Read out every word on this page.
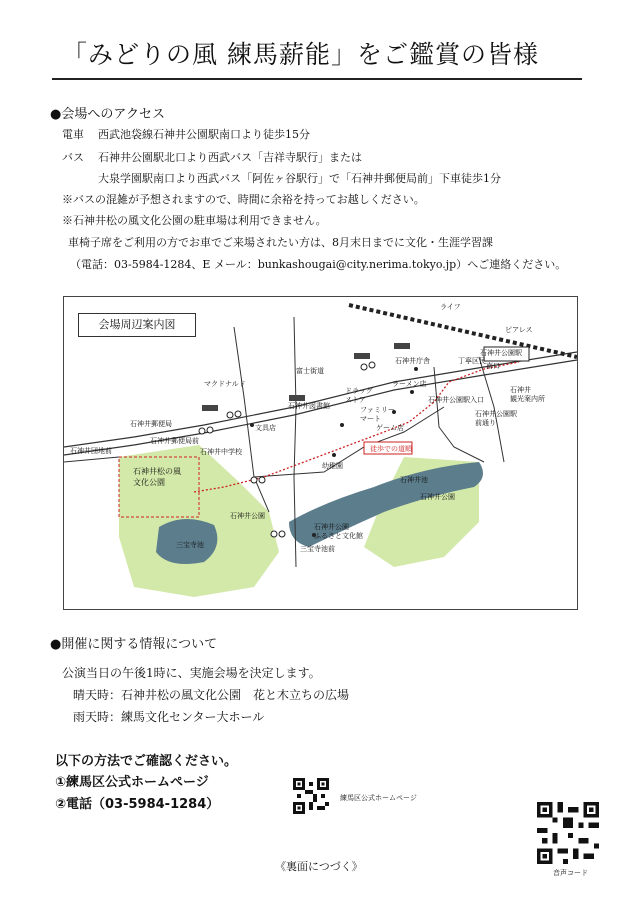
「みどりの風 練馬薪能」をご鑑賞の皆様
●会場へのアクセス
電車 西武池袋線石神井公園駅南口より徒歩15分
バス 石神井公園駅北口より西武バス「吉祥寺駅行」または
大泉学園駅南口より西武バス「阿佐ヶ谷駅行」で「石神井郵便局前」下車徒歩1分
※バスの混雑が予想されますので、時間に余裕を持ってお越しください。
※石神井松の風文化公園の駐車場は利用できません。
車椅子席をご利用の方でお車でご来場されたい方は、8月末日までに文化・生涯学習課
（電話：03-5984-1284、E メール：bunkashougai@city.nerima.tokyo.jp）へご連絡ください。
会場周辺案内図
ライフ
ピアレス
石神井公園駅
南口
石神井
観光案内所
富士街道
マクドナルド
石神井郵便局
石神井郵便局前
石神井中学校
石神井図書館
ドラッグ
ストア
ラーメン店
石神井庁舎
石神井公園駅入口
文具店
ファミリー
マート
ゲーム店
徒歩での道順
幼稚園
石神井団地前
石神井松の風
文化公園
石神井公園
石神井公園
石神井池
三宝寺池
石神井公園
ふるさと文化館
三宝寺池前
石神井公園駅
前通り
丁寧区民
●開催に関する情報について
公演当日の午後1時に、実施会場を決定します。
晴天時：石神井松の風文化公園　花と木立ちの広場
雨天時：練馬文化センター大ホール
以下の方法でご確認ください。
①練馬区公式ホームページ
②電話（03-5984-1284）	練馬区公式ホームページ
音声コード
《裏面につづく》
